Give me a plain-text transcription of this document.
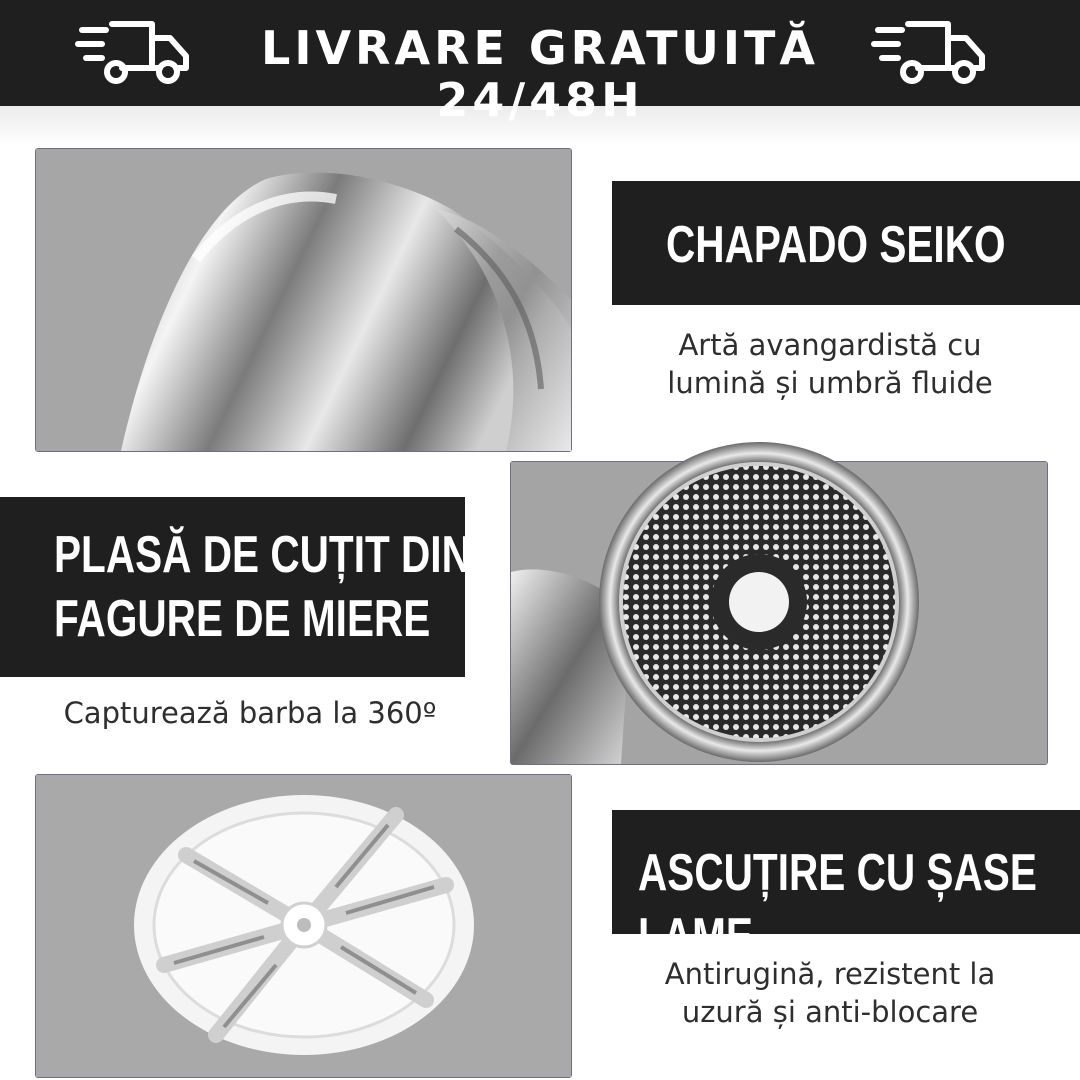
LIVRARE GRATUITĂ 24/48H
CHAPADO SEIKO
Artă avangardistă cu lumină și umbră fluide
PLASĂ DE CUȚIT DIN
FAGURE DE MIERE
Capturează barba la 360º
ASCUȚIRE CU ȘASE
LAME
Antirugină, rezistent la uzură și anti-blocare
